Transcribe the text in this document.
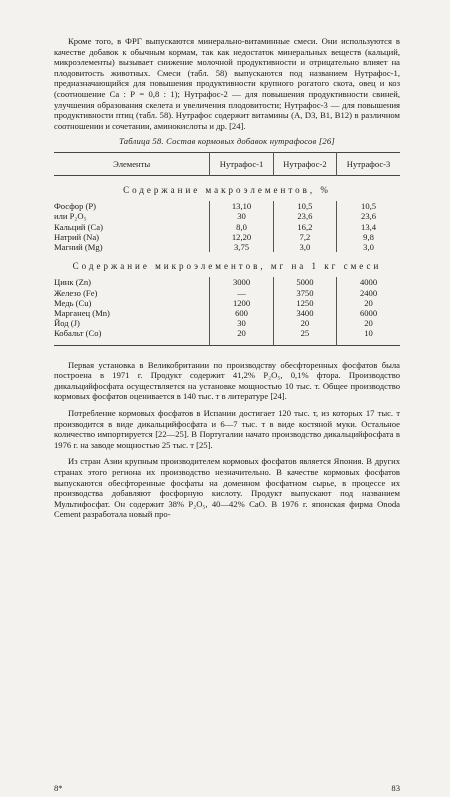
Кроме того, в ФРГ выпускаются минерально-витаминные смеси. Они используются в качестве добавок к обычным кормам, так как недостаток минеральных веществ (кальций, микроэлементы) вызывает снижение молочной продуктивности и отрицательно влияет на плодовитость животных. Смеси (табл. 58) выпускаются под названием Нутрафос-1, предназначающийся для повышения продуктивности крупного рогатого скота, овец и коз (соотношение Са : Р = 0,8 : 1); Нутрафос-2 — для повышения продуктивности свиней, улучшения образования скелета и увеличения плодовитости; Нутрафос-3 — для повышения продуктивности птиц (табл. 58). Нутрафос содержит витамины (А, D3, В1, В12) в различном соотношении и сочетании, аминокислоты и др. [24].

Таблица 58. Состав кормовых добавок нутрафосов [26]
Элементы	Нутрафос-1	Нутрафос-2	Нутрафос-3
Содержание макроэлементов, %			
Фосфор (Р)	13,10	10,5	10,5
или Р₂О₅	30	23,6	23,6
Кальций (Са)	8,0	16,2	13,4
Натрий (Na)	12,20	7,2	9,8
Магний (Mg)	3,75	3,0	3,0
Содержание микроэлементов, мг на 1 кг смеси			
Цинк (Zn)	3000	5000	4000
Железо (Fe)	—	3750	2400
Медь (Cu)	1200	1250	20
Марганец (Mn)	600	3400	6000
Йод (J)	30	20	20
Кобальт (Со)	20	25	10

Первая установка в Великобритании по производству обесфторенных фосфатов была построена в 1971 г. Продукт содержит 41,2% Р₂О₅, 0,1% фтора. Производство дикальцийфосфата осуществляется на установке мощностью 10 тыс. т. Общее производство кормовых фосфатов оценивается в 140 тыс. т в литературе [24].

Потребление кормовых фосфатов в Испании достигает 120 тыс. т, из которых 17 тыс. т производится в виде дикальцийфосфата и 6—7 тыс. т в виде костяной муки. Остальное количество импортируется [22—25]. В Португалии начато производство дикальцийфосфата в 1976 г. на заводе мощностью 25 тыс. т [25].

Из стран Азии крупным производителем кормовых фосфатов является Япония. В других странах этого региона их производство незначительно. В качестве кормовых фосфатов выпускаются обесфторенные фосфаты на доменном фосфатном сырье, в процессе их производства добавляют фосфорную кислоту. Продукт выпускают под названием Мультифосфат. Он содержит 38% Р₂О₅, 40—42% СаО. В 1976 г. японская фирма Onoda Cement разработала новый про-

8*	83
